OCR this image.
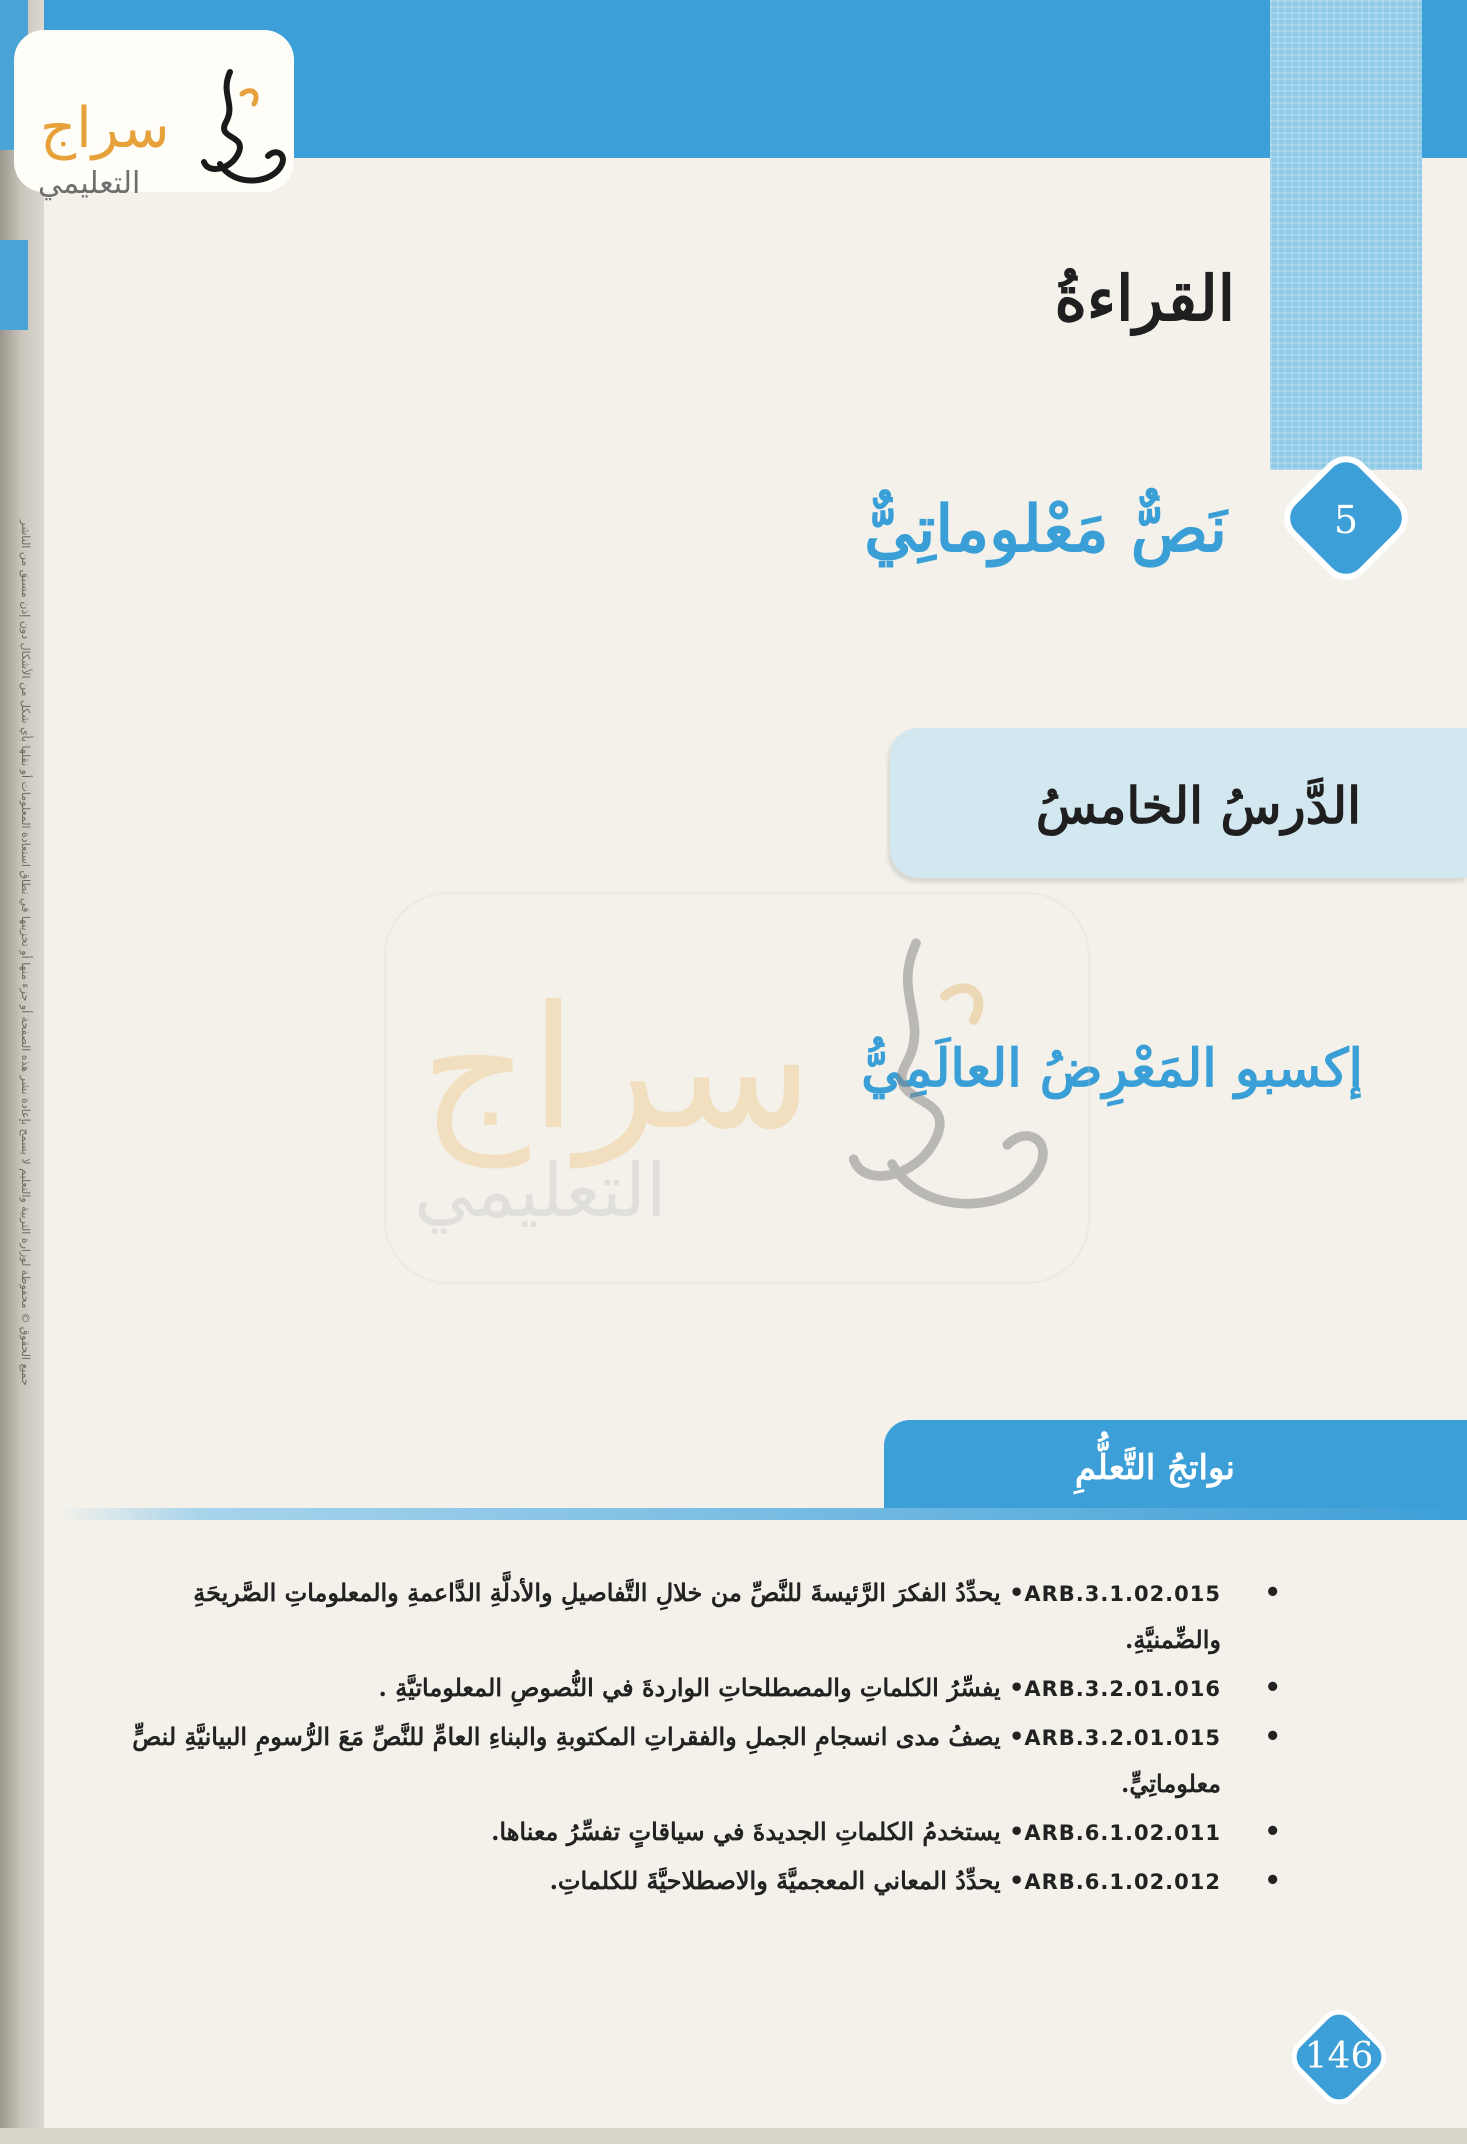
جميع الحقوق © محفوظة لوزارة التربية والتعليم لا يسمح بإعادة نشر هذه الصفحة أو جزء منها أو تخزينها في نطاق استعادة المعلومات أو نقلها بأي شكل من الأشكال دون إذن مسبق من الناشر
سراج
التعليمي
القراءةُ
5
نَصٌّ مَعْلوماتِيٌّ
الدَّرسُ الخامسُ
إكسبو المَعْرِضُ العالَمِيُّ
سراج
التعليمي
نواتجُ التَّعلُّمِ
•
ARB.3.1.02.015• يحدِّدُ الفكرَ الرَّئيسةَ للنَّصِّ من خلالِ التَّفاصيلِ والأدلَّةِ الدَّاعمةِ والمعلوماتِ الصَّريحَةِ والضِّمنيَّةِ.
•
ARB.3.2.01.016• يفسِّرُ الكلماتِ والمصطلحاتِ الواردةَ في النُّصوصِ المعلوماتيَّةِ .
•
ARB.3.2.01.015• يصفُ مدى انسجامِ الجملِ والفقراتِ المكتوبةِ والبناءِ العامِّ للنَّصِّ مَعَ الرُّسومِ البيانيَّةِ لنصٍّ معلوماتِيٍّ.
•
ARB.6.1.02.011• يستخدمُ الكلماتِ الجديدةَ في سياقاتٍ تفسِّرُ معناها.
•
ARB.6.1.02.012• يحدِّدُ المعاني المعجميَّةَ والاصطلاحيَّةَ للكلماتِ.
146
